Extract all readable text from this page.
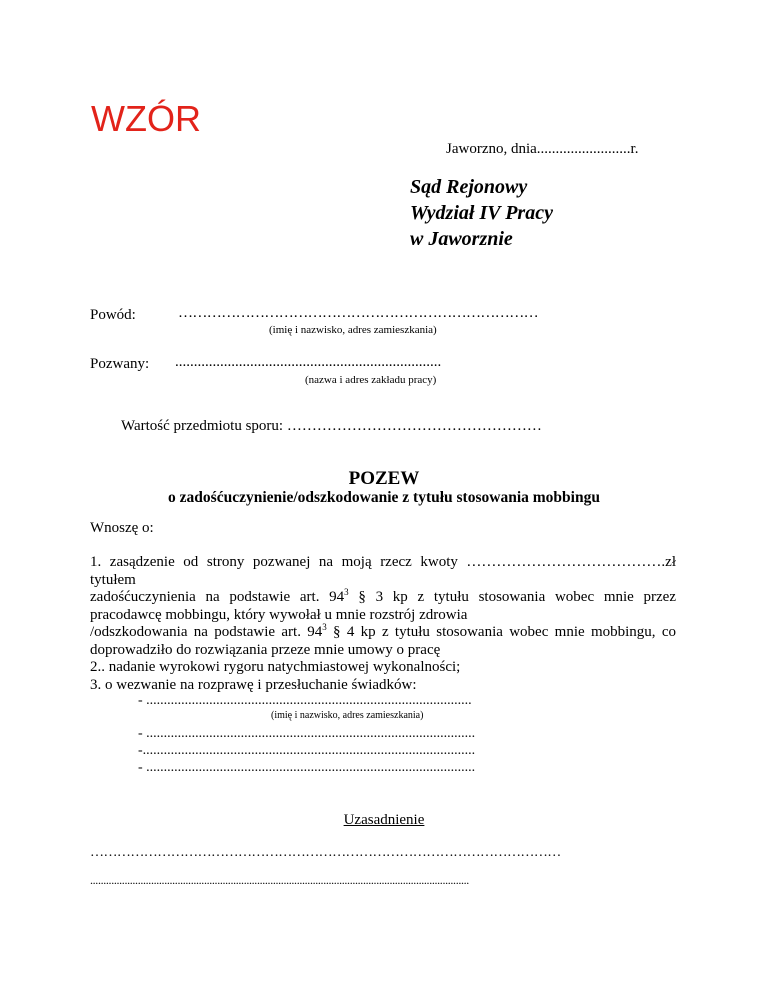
WZÓR
Jaworzno, dnia.........................r.
Sąd Rejonowy
Wydział IV Pracy
w Jaworznie
Powód:	…………………………………………………………………
(imię i nazwisko, adres zamieszkania)
Pozwany: .......................................................................
(nazwa i adres zakładu pracy)
Wartość przedmiotu sporu: ……………………………………………
POZEW
o zadośćuczynienie/odszkodowanie z tytułu stosowania mobbingu
Wnoszę o:
1. zasądzenie od strony pozwanej na moją rzecz kwoty ………………………………….zł
tytułem
zadośćuczynienia na podstawie art. $94^3$ § 3 kp z tytułu stosowania wobec mnie przez
pracodawcę mobbingu, który wywołał u mnie rozstrój zdrowia
/odszkodowania na podstawie art. $94^3$ § 4 kp z tytułu stosowania wobec mnie mobbingu, co
doprowadziło do rozwiązania przeze mnie umowy o pracę
2.. nadanie wyrokowi rygoru natychmiastowej wykonalności;
3. o wezwanie na rozprawę i przesłuchanie świadków:
- .............................................................................................
(imię i nazwisko, adres zamieszkania)
- ..............................................................................................
-...............................................................................................
- ..............................................................................................
Uzasadnienie
……………………………………………………………………………………………
...............................................................................................................................................
